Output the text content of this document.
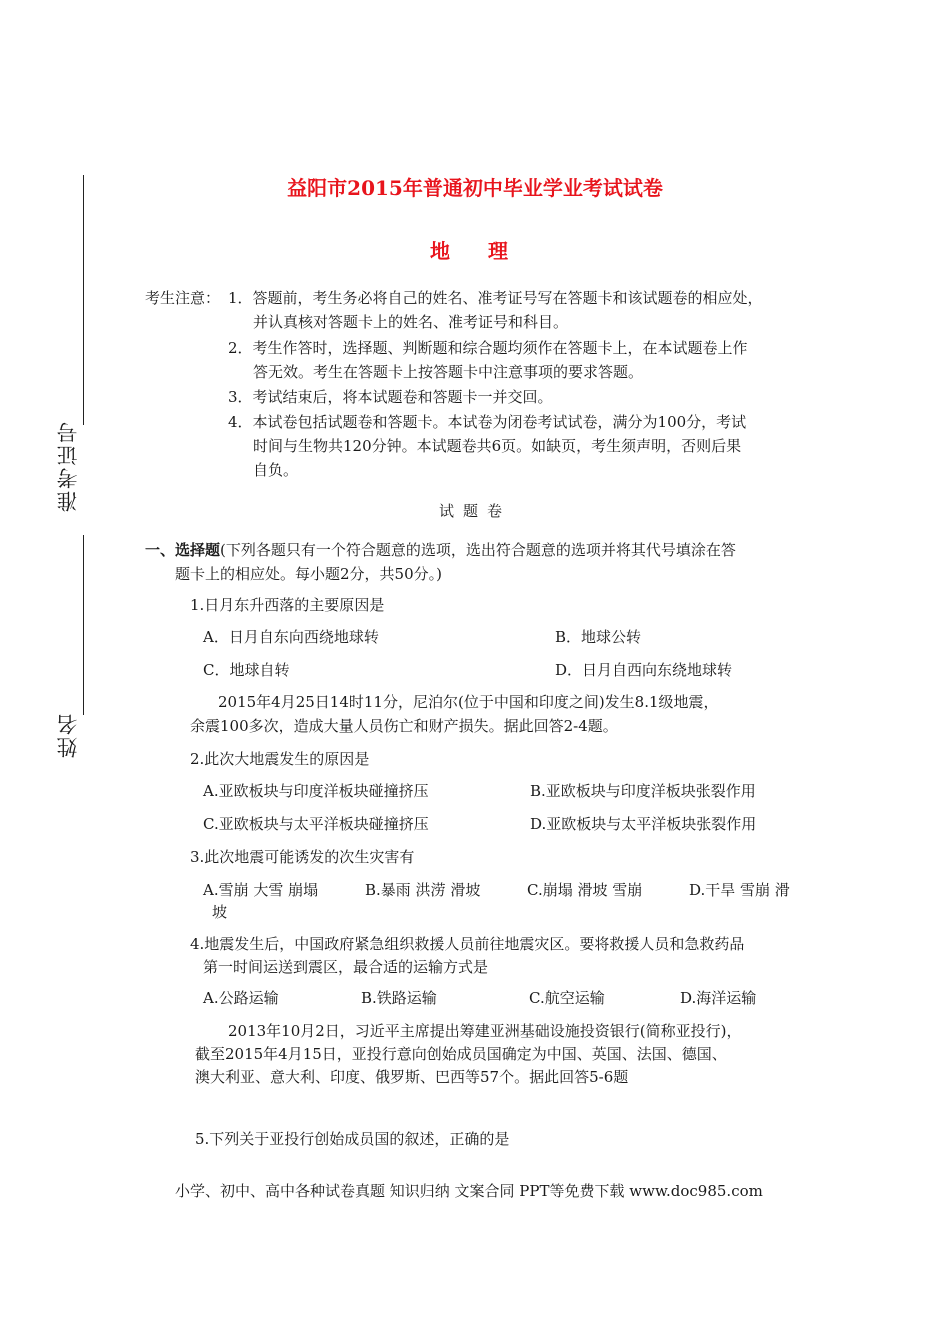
准考证号
姓名
益阳市2015年普通初中毕业学业考试试卷
地理
考生注意： 1．答题前，考生务必将自己的姓名、准考证号写在答题卡和该试题卷的相应处，
并认真核对答题卡上的姓名、准考证号和科目。
2．考生作答时，选择题、判断题和综合题均须作在答题卡上，在本试题卷上作
答无效。考生在答题卡上按答题卡中注意事项的要求答题。
3．考试结束后，将本试题卷和答题卡一并交回。
4．本试卷包括试题卷和答题卡。本试卷为闭卷考试试卷，满分为100分，考试
时间与生物共120分钟。本试题卷共6页。如缺页，考生须声明，否则后果
自负。
试题卷
一、选择题(下列各题只有一个符合题意的选项，选出符合题意的选项并将其代号填涂在答
题卡上的相应处。每小题2分，共50分。)
1.日月东升西落的主要原因是
A．日月自东向西绕地球转	B．地球公转
C．地球自转	D．日月自西向东绕地球转
2015年4月25日14时11分，尼泊尔(位于中国和印度之间)发生8.1级地震，
余震100多次，造成大量人员伤亡和财产损失。据此回答2-4题。
2.此次大地震发生的原因是
A.亚欧板块与印度洋板块碰撞挤压	B.亚欧板块与印度洋板块张裂作用
C.亚欧板块与太平洋板块碰撞挤压	D.亚欧板块与太平洋板块张裂作用
3.此次地震可能诱发的次生灾害有
A.雪崩 大雪 崩塌	B.暴雨 洪涝 滑坡	C.崩塌 滑坡 雪崩	D.干旱 雪崩 滑
坡
4.地震发生后，中国政府紧急组织救援人员前往地震灾区。要将救援人员和急救药品
第一时间运送到震区，最合适的运输方式是
A.公路运输	B.铁路运输	C.航空运输	D.海洋运输
2013年10月2日，习近平主席提出筹建亚洲基础设施投资银行(简称亚投行)，
截至2015年4月15日，亚投行意向创始成员国确定为中国、英国、法国、德国、
澳大利亚、意大利、印度、俄罗斯、巴西等57个。据此回答5-6题
5.下列关于亚投行创始成员国的叙述，正确的是
小学、初中、高中各种试卷真题 知识归纳 文案合同 PPT等免费下载 www.doc985.com
